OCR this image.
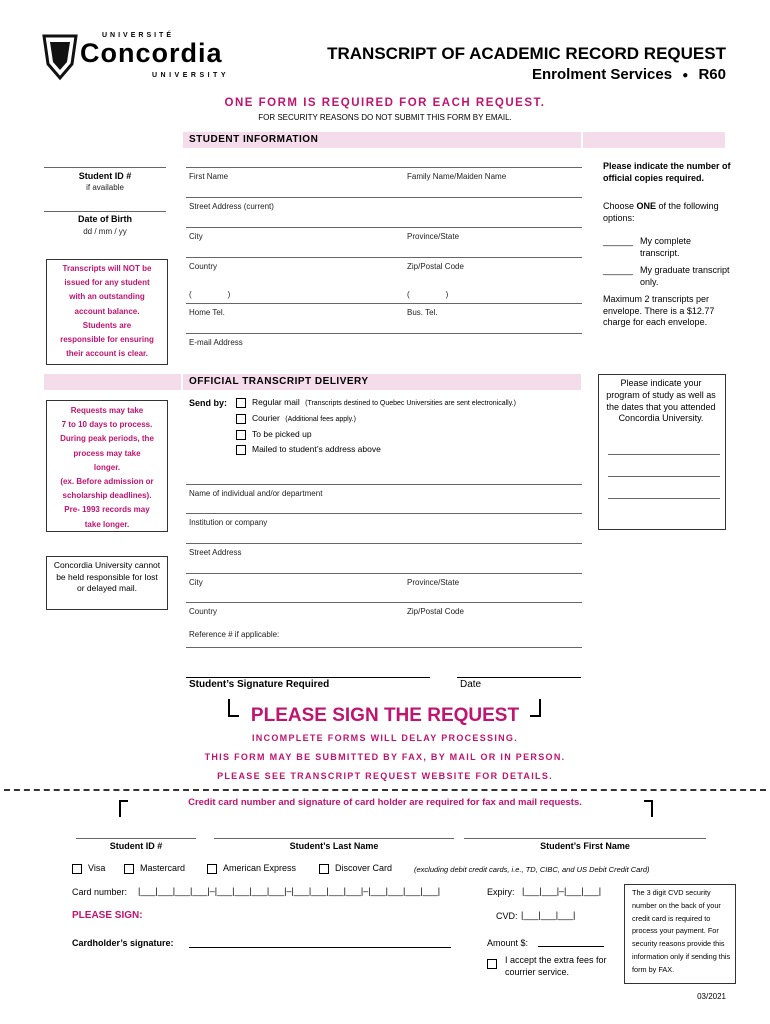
UNIVERSITÉ
Concordia
UNIVERSITY
TRANSCRIPT OF ACADEMIC RECORD REQUEST
Enrolment Services ● R60
ONE FORM IS REQUIRED FOR EACH REQUEST.
FOR SECURITY REASONS DO NOT SUBMIT THIS FORM BY EMAIL.
STUDENT INFORMATION
Student ID #
if available
Date of Birth
dd / mm / yy
Transcripts will NOT be
issued for any student
with an outstanding
account balance.
Students are
responsible for ensuring
their account is clear.
First Name	Family Name/Maiden Name
Street Address (current)
City	Province/State
Country	Zip/Postal Code
(	)	(	)
Home Tel.	Bus. Tel.
E-mail Address
Please indicate the number of official copies required.
Choose ONE of the following options:
______ My complete transcript.
______ My graduate transcript only.
Maximum 2 transcripts per envelope. There is a $12.77 charge for each envelope.
OFFICIAL TRANSCRIPT DELIVERY
Requests may take
7 to 10 days to process.
During peak periods, the
process may take
longer.
(ex. Before admission or
scholarship deadlines).
Pre- 1993 records may
take longer.
Concordia University cannot be held responsible for lost or delayed mail.
Send by:	Regular mail (Transcripts destined to Quebec Universities are sent electronically.)
Courier (Additional fees apply.)
To be picked up
Mailed to student’s address above
Name of individual and/or department
Institution or company
Street Address
City	Province/State
Country	Zip/Postal Code
Reference # if applicable:
Please indicate your program of study as well as the dates that you attended Concordia University.
Student’s Signature Required	Date
PLEASE SIGN THE REQUEST
INCOMPLETE FORMS WILL DELAY PROCESSING.
THIS FORM MAY BE SUBMITTED BY FAX, BY MAIL OR IN PERSON.
PLEASE SEE TRANSCRIPT REQUEST WEBSITE FOR DETAILS.
Credit card number and signature of card holder are required for fax and mail requests.
Student ID #	Student’s Last Name	Student’s First Name
Visa	Mastercard	American Express	Discover Card	(excluding debit credit cards, i.e., TD, CIBC, and US Debit Credit Card)
Card number: |___|___|___|___|–|___|___|___|___|–|___|___|___|___|–|___|___|___|___|	Expiry: |___|___|–|___|___|
PLEASE SIGN:	CVD: |___|___|___|
Cardholder’s signature:	Amount $:
I accept the extra fees for courrier service.
The 3 digit CVD security number on the back of your credit card is required to process your payment. For security reasons provide this information only if sending this form by FAX.
03/2021
